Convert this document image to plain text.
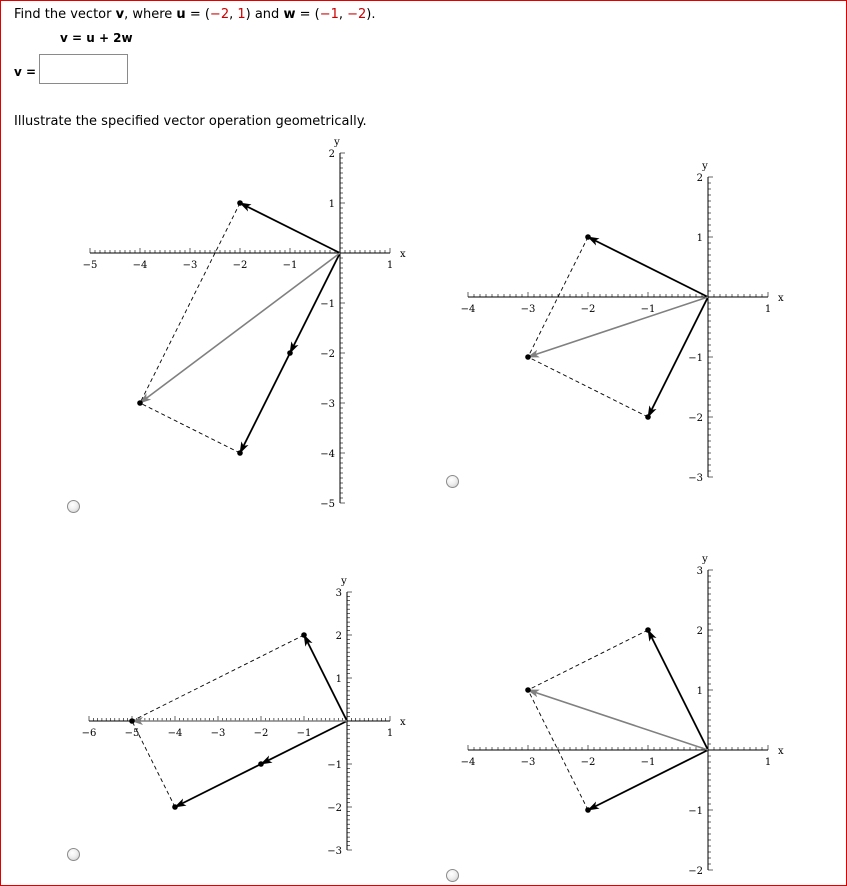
Find the vector v, where u = (−2, 1) and w = (−1, −2).
v = u + 2w
v =
Illustrate the specified vector operation geometrically.
−5	−4	−3	−2	−1	1
2
1
−1
−2
−3
−4
−5
x
y
−4	−3	−2	−1	1
2
1
−1
−2
−3
x
y
−6	−5	−4	−3	−2	−1	1
3
2
1
−1
−2
−3
x
y
−4	−3	−2	−1	1
3
2
1
−1
−2
x
y
